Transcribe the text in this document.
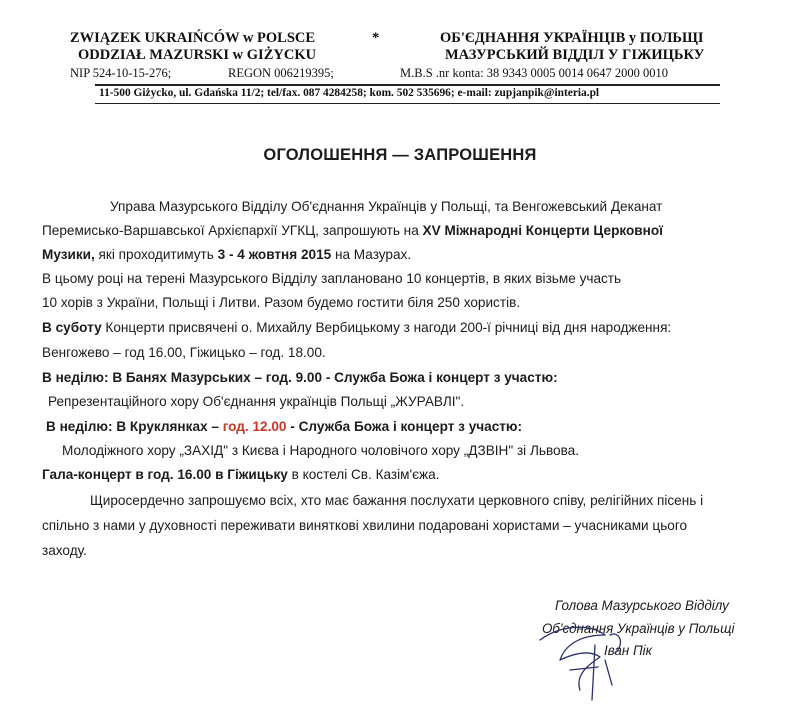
ZWIĄZEK UKRAIŃCÓW w POLSCE	*	ОБ'ЄДНАННЯ УКРАЇНЦІВ у ПОЛЬЩІ
ODDZIAŁ MAZURSKI w GIŻYCKU	МАЗУРСЬКИЙ ВІДДІЛ У ГІЖИЦЬКУ
NIP 524-10-15-276;	REGON 006219395;	M.B.S .nr konta: 38 9343 0005 0014 0647 2000 0010
11-500 Giżycko, ul. Gdańska 11/2; tel/fax. 087 4284258; kom. 502 535696; e-mail: zupjanpik@interia.pl
ОГОЛОШЕННЯ — ЗАПРОШЕННЯ
Управа Мазурського Відділу Об'єднання Українців у Польщі, та Венгожевський Деканат
Перемисько-Варшавської Архієпархії УГКЦ, запрошують на XV Міжнародні Концерти Церковної
Музики, які проходитимуть 3 - 4 жовтня 2015 на Мазурах.
В цьому році на терені Мазурського Відділу заплановано 10 концертів, в яких візьме участь
10 хорів з України, Польщі і Литви. Разом будемо гостити біля 250 хористів.
В суботу Концерти присвячені о. Михайлу Вербицькому з нагоди 200-ї річниці від дня народження:
Венгожево – год 16.00, Гіжицько – год. 18.00.
В неділю: В Банях Мазурських – год. 9.00 - Служба Божа і концерт з участю:
Репрезентаційного хору Об'єднання українців Польщі „ЖУРАВЛІ".
В неділю: В Круклянках – год. 12.00 - Служба Божа і концерт з участю:
Молодіжного хору „ЗАХІД" з Києва і Народного чоловічого хору „ДЗВІН" зі Львова.
Гала-концерт в год. 16.00 в Гіжицьку в костелі Св. Казім'єжа.
Щиросердечно запрошуємо всіх, хто має бажання послухати церковного співу, релігійних пісень і
спільно з нами у духовності переживати виняткові хвилини подаровані хористами – учасниками цього
заходу.
Голова Мазурського Відділу
Об'єднання Українців у Польщі
Іван Пік
